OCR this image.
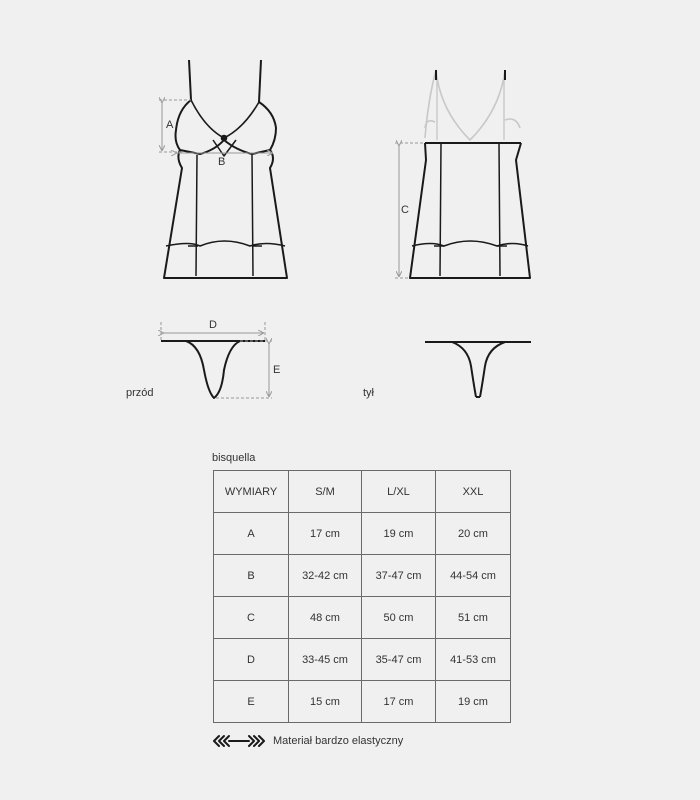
A
B
C
D
E
przód	tył
bisquella
WYMIARY	S/M	L/XL	XXL
A	17 cm	19 cm	20 cm
B	32-42 cm	37-47 cm	44-54 cm
C	48 cm	50 cm	51 cm
D	33-45 cm	35-47 cm	41-53 cm
E	15 cm	17 cm	19 cm
Materiał bardzo elastyczny
